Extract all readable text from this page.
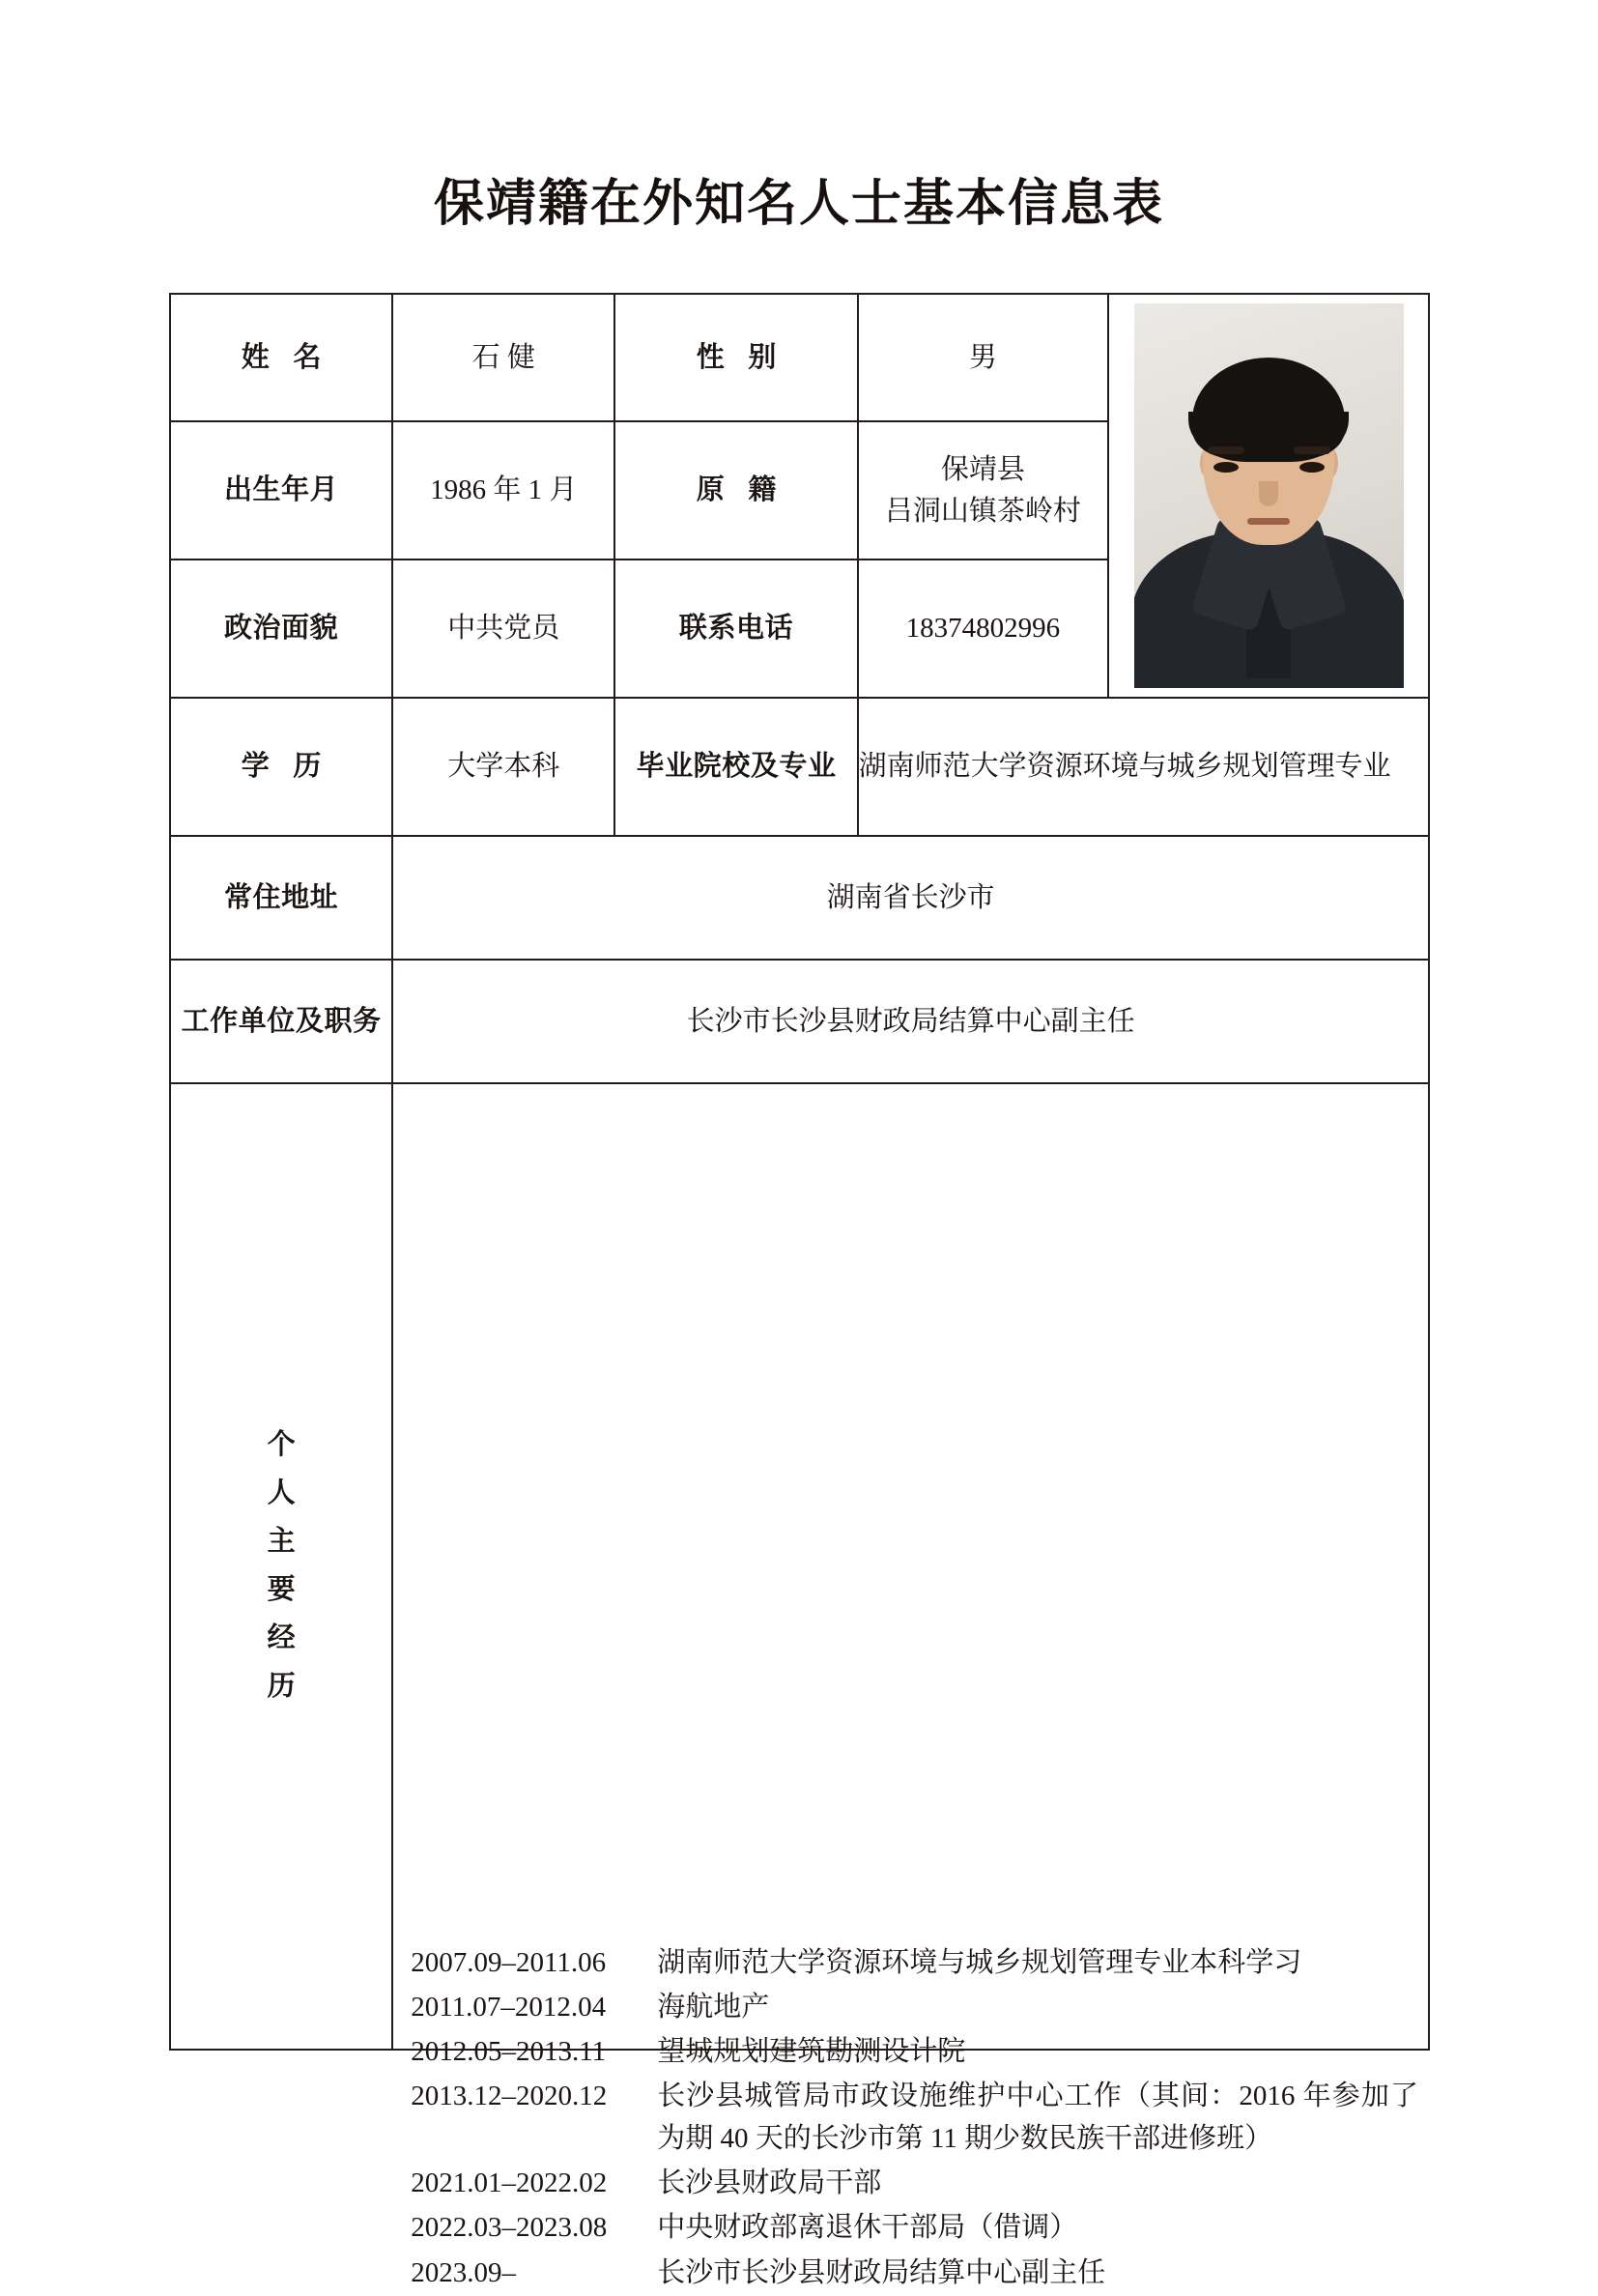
保靖籍在外知名人士基本信息表
姓 名	石 健	性 别	男	

出生年月	1986 年 1 月	原 籍	保靖县
吕洞山镇茶岭村	

政治面貌	中共党员	联系电话	18374802996	
学 历	大学本科	毕业院校及专业	湖南师范大学资源环境与城乡规划管理专业	
常住地址	湖南省长沙市			
工作单位及职务	长沙市长沙县财政局结算中心副主任			

个
人
主
要
经
历

2007.09–2011.06	湖南师范大学资源环境与城乡规划管理专业本科学习
2011.07–2012.04	海航地产
2012.05–2013.11	望城规划建筑勘测设计院
2013.12–2020.12	长沙县城管局市政设施维护中心工作（其间：2016 年参加了为期 40 天的长沙市第 11 期少数民族干部进修班）
2021.01–2022.02	长沙县财政局干部
2022.03–2023.08	中央财政部离退休干部局（借调）
2023.09–	长沙市长沙县财政局结算中心副主任
